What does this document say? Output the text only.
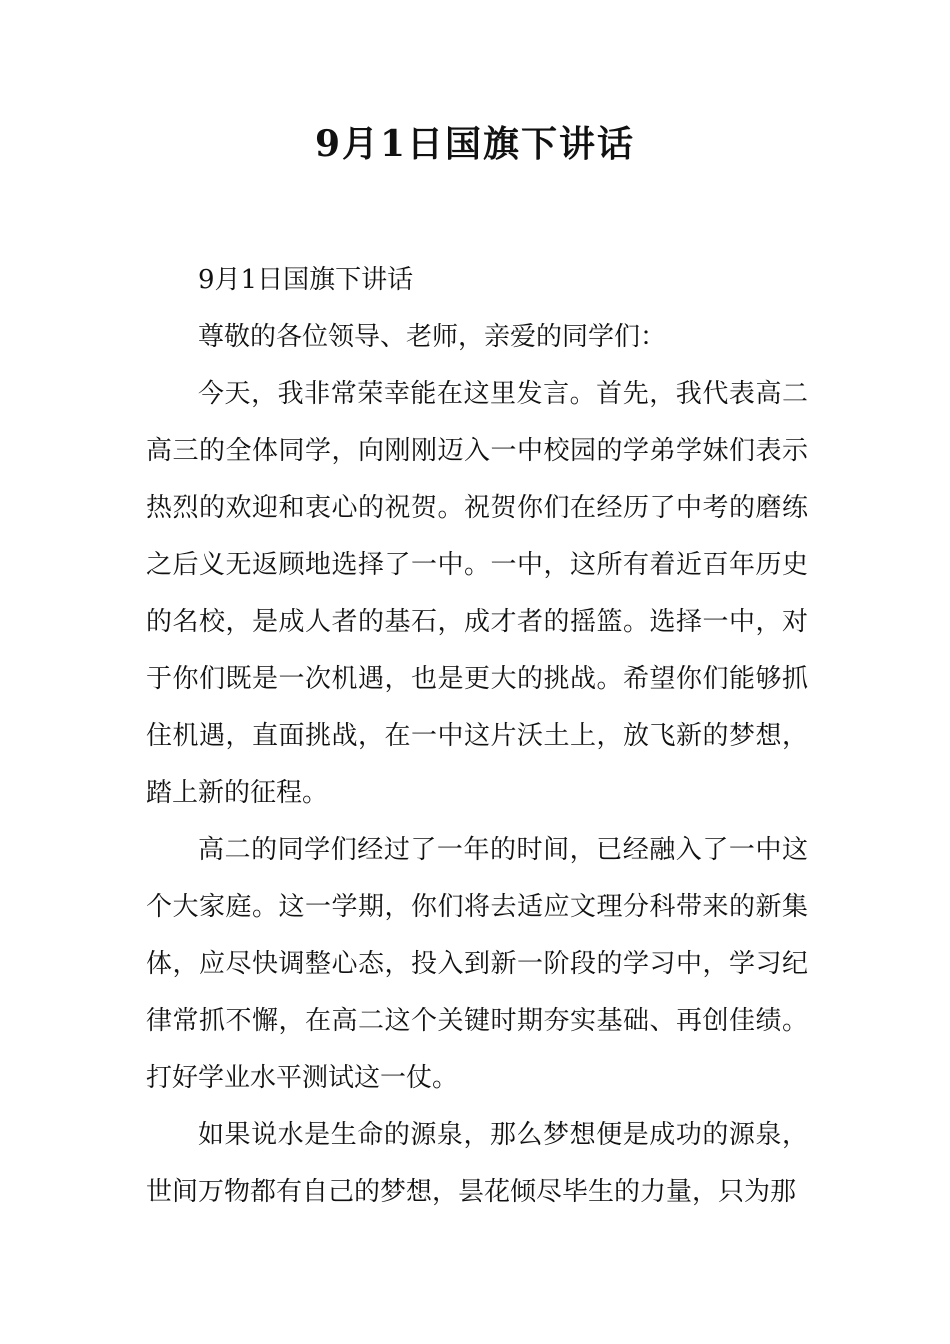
9月1日国旗下讲话

9月1日国旗下讲话

尊敬的各位领导、老师，亲爱的同学们：

今天，我非常荣幸能在这里发言。首先，我代表高二高三的全体同学，向刚刚迈入一中校园的学弟学妹们表示热烈的欢迎和衷心的祝贺。祝贺你们在经历了中考的磨练之后义无返顾地选择了一中。一中，这所有着近百年历史的名校，是成人者的基石，成才者的摇篮。选择一中，对于你们既是一次机遇，也是更大的挑战。希望你们能够抓住机遇，直面挑战，在一中这片沃土上，放飞新的梦想，踏上新的征程。

高二的同学们经过了一年的时间，已经融入了一中这个大家庭。这一学期，你们将去适应文理分科带来的新集体，应尽快调整心态，投入到新一阶段的学习中，学习纪律常抓不懈，在高二这个关键时期夯实基础、再创佳绩。打好学业水平测试这一仗。

如果说水是生命的源泉，那么梦想便是成功的源泉，世间万物都有自己的梦想，昙花倾尽毕生的力量，只为那
